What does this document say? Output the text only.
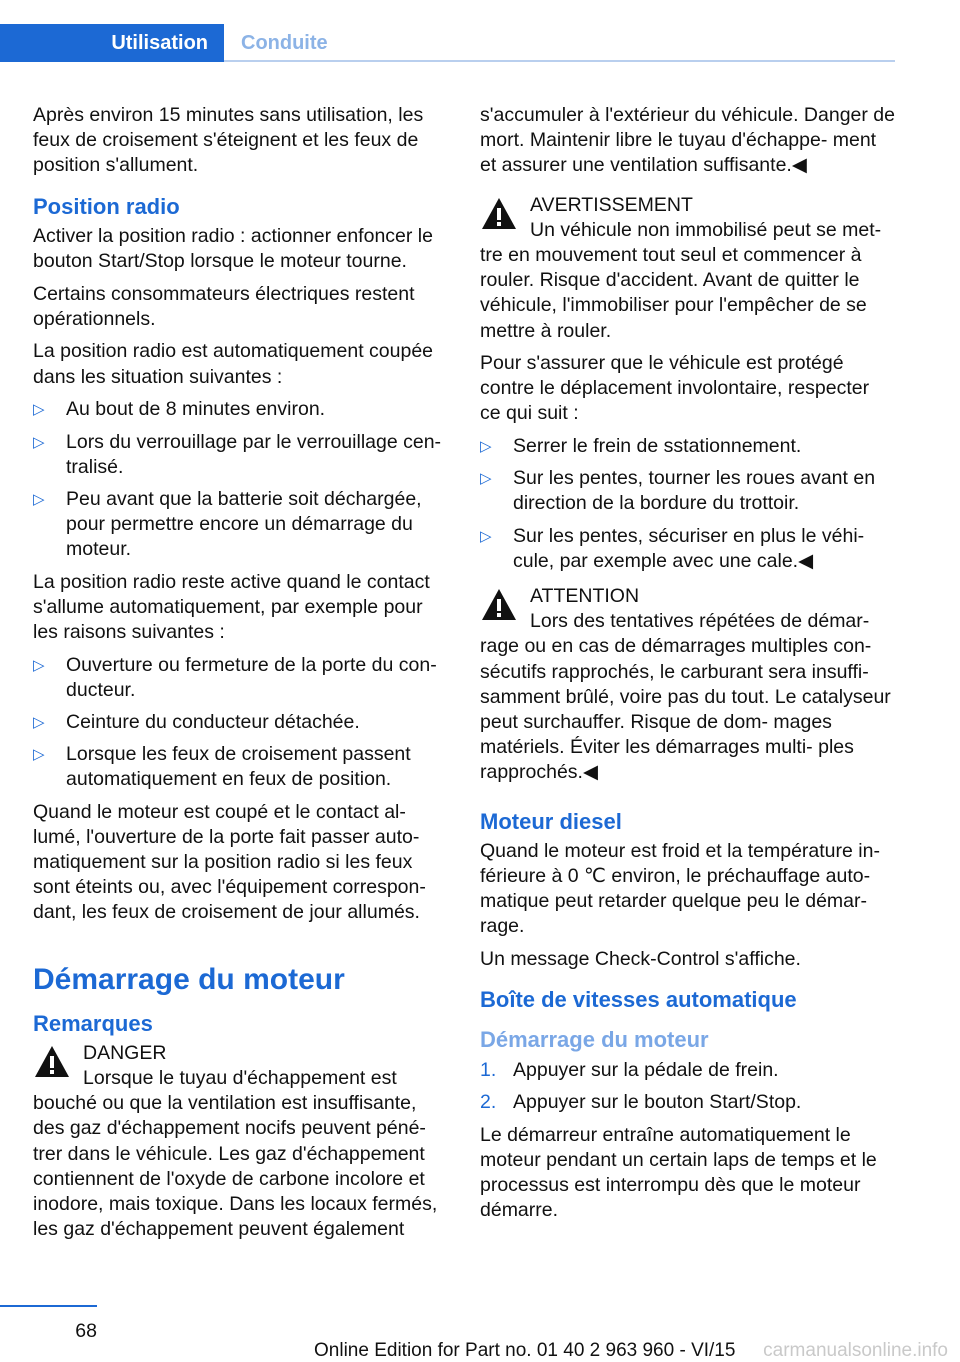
Utilisation	Conduite

Après environ 15 minutes sans utilisation, les feux de croisement s'éteignent et les feux de position s'allument.

Position radio

Activer la position radio : actionner enfoncer le bouton Start/Stop lorsque le moteur tourne.

Certains consommateurs électriques restent opérationnels.

La position radio est automatiquement coupée dans les situation suivantes :

▷ Au bout de 8 minutes environ.
▷ Lors du verrouillage par le verrouillage cen‐ tralisé.
▷ Peu avant que la batterie soit déchargée, pour permettre encore un démarrage du moteur.

La position radio reste active quand le contact s'allume automatiquement, par exemple pour les raisons suivantes :

▷ Ouverture ou fermeture de la porte du con‐ ducteur.
▷ Ceinture du conducteur détachée.
▷ Lorsque les feux de croisement passent automatiquement en feux de position.

Quand le moteur est coupé et le contact al‐ lumé, l'ouverture de la porte fait passer auto‐ matiquement sur la position radio si les feux sont éteints ou, avec l'équipement correspon‐ dant, les feux de croisement de jour allumés.

Démarrage du moteur
Remarques
DANGER
Lorsque le tuyau d'échappement est bouché ou que la ventilation est insuffisante, des gaz d'échappement nocifs peuvent péné‐ trer dans le véhicule. Les gaz d'échappement contiennent de l'oxyde de carbone incolore et inodore, mais toxique. Dans les locaux fermés, les gaz d'échappement peuvent également

s'accumuler à l'extérieur du véhicule. Danger de mort. Maintenir libre le tuyau d'échappe‐ ment et assurer une ventilation suffisante.◀

AVERTISSEMENT
Un véhicule non immobilisé peut se met‐ tre en mouvement tout seul et commencer à rouler. Risque d'accident. Avant de quitter le véhicule, l'immobiliser pour l'empêcher de se mettre à rouler.

Pour s'assurer que le véhicule est protégé contre le déplacement involontaire, respecter ce qui suit :

▷ Serrer le frein de sstationnement.
▷ Sur les pentes, tourner les roues avant en direction de la bordure du trottoir.
▷ Sur les pentes, sécuriser en plus le véhi‐ cule, par exemple avec une cale.◀
ATTENTION
Lors des tentatives répétées de démar‐ rage ou en cas de démarrages multiples con‐ sécutifs rapprochés, le carburant sera insuffi‐ samment brûlé, voire pas du tout. Le catalyseur peut surchauffer. Risque de dom‐ mages matériels. Éviter les démarrages multi‐ ples rapprochés.◀
Moteur diesel

Quand le moteur est froid et la température in‐ férieure à 0 ℃ environ, le préchauffage auto‐ matique peut retarder quelque peu le démar‐ rage.

Un message Check-Control s'affiche.

Boîte de vitesses automatique
Démarrage du moteur
1. Appuyer sur la pédale de frein.
2. Appuyer sur le bouton Start/Stop.

Le démarreur entraîne automatiquement le moteur pendant un certain laps de temps et le processus est interrompu dès que le moteur démarre.

68
Online Edition for Part no. 01 40 2 963 960 - VI/15 carmanualsonline.info
